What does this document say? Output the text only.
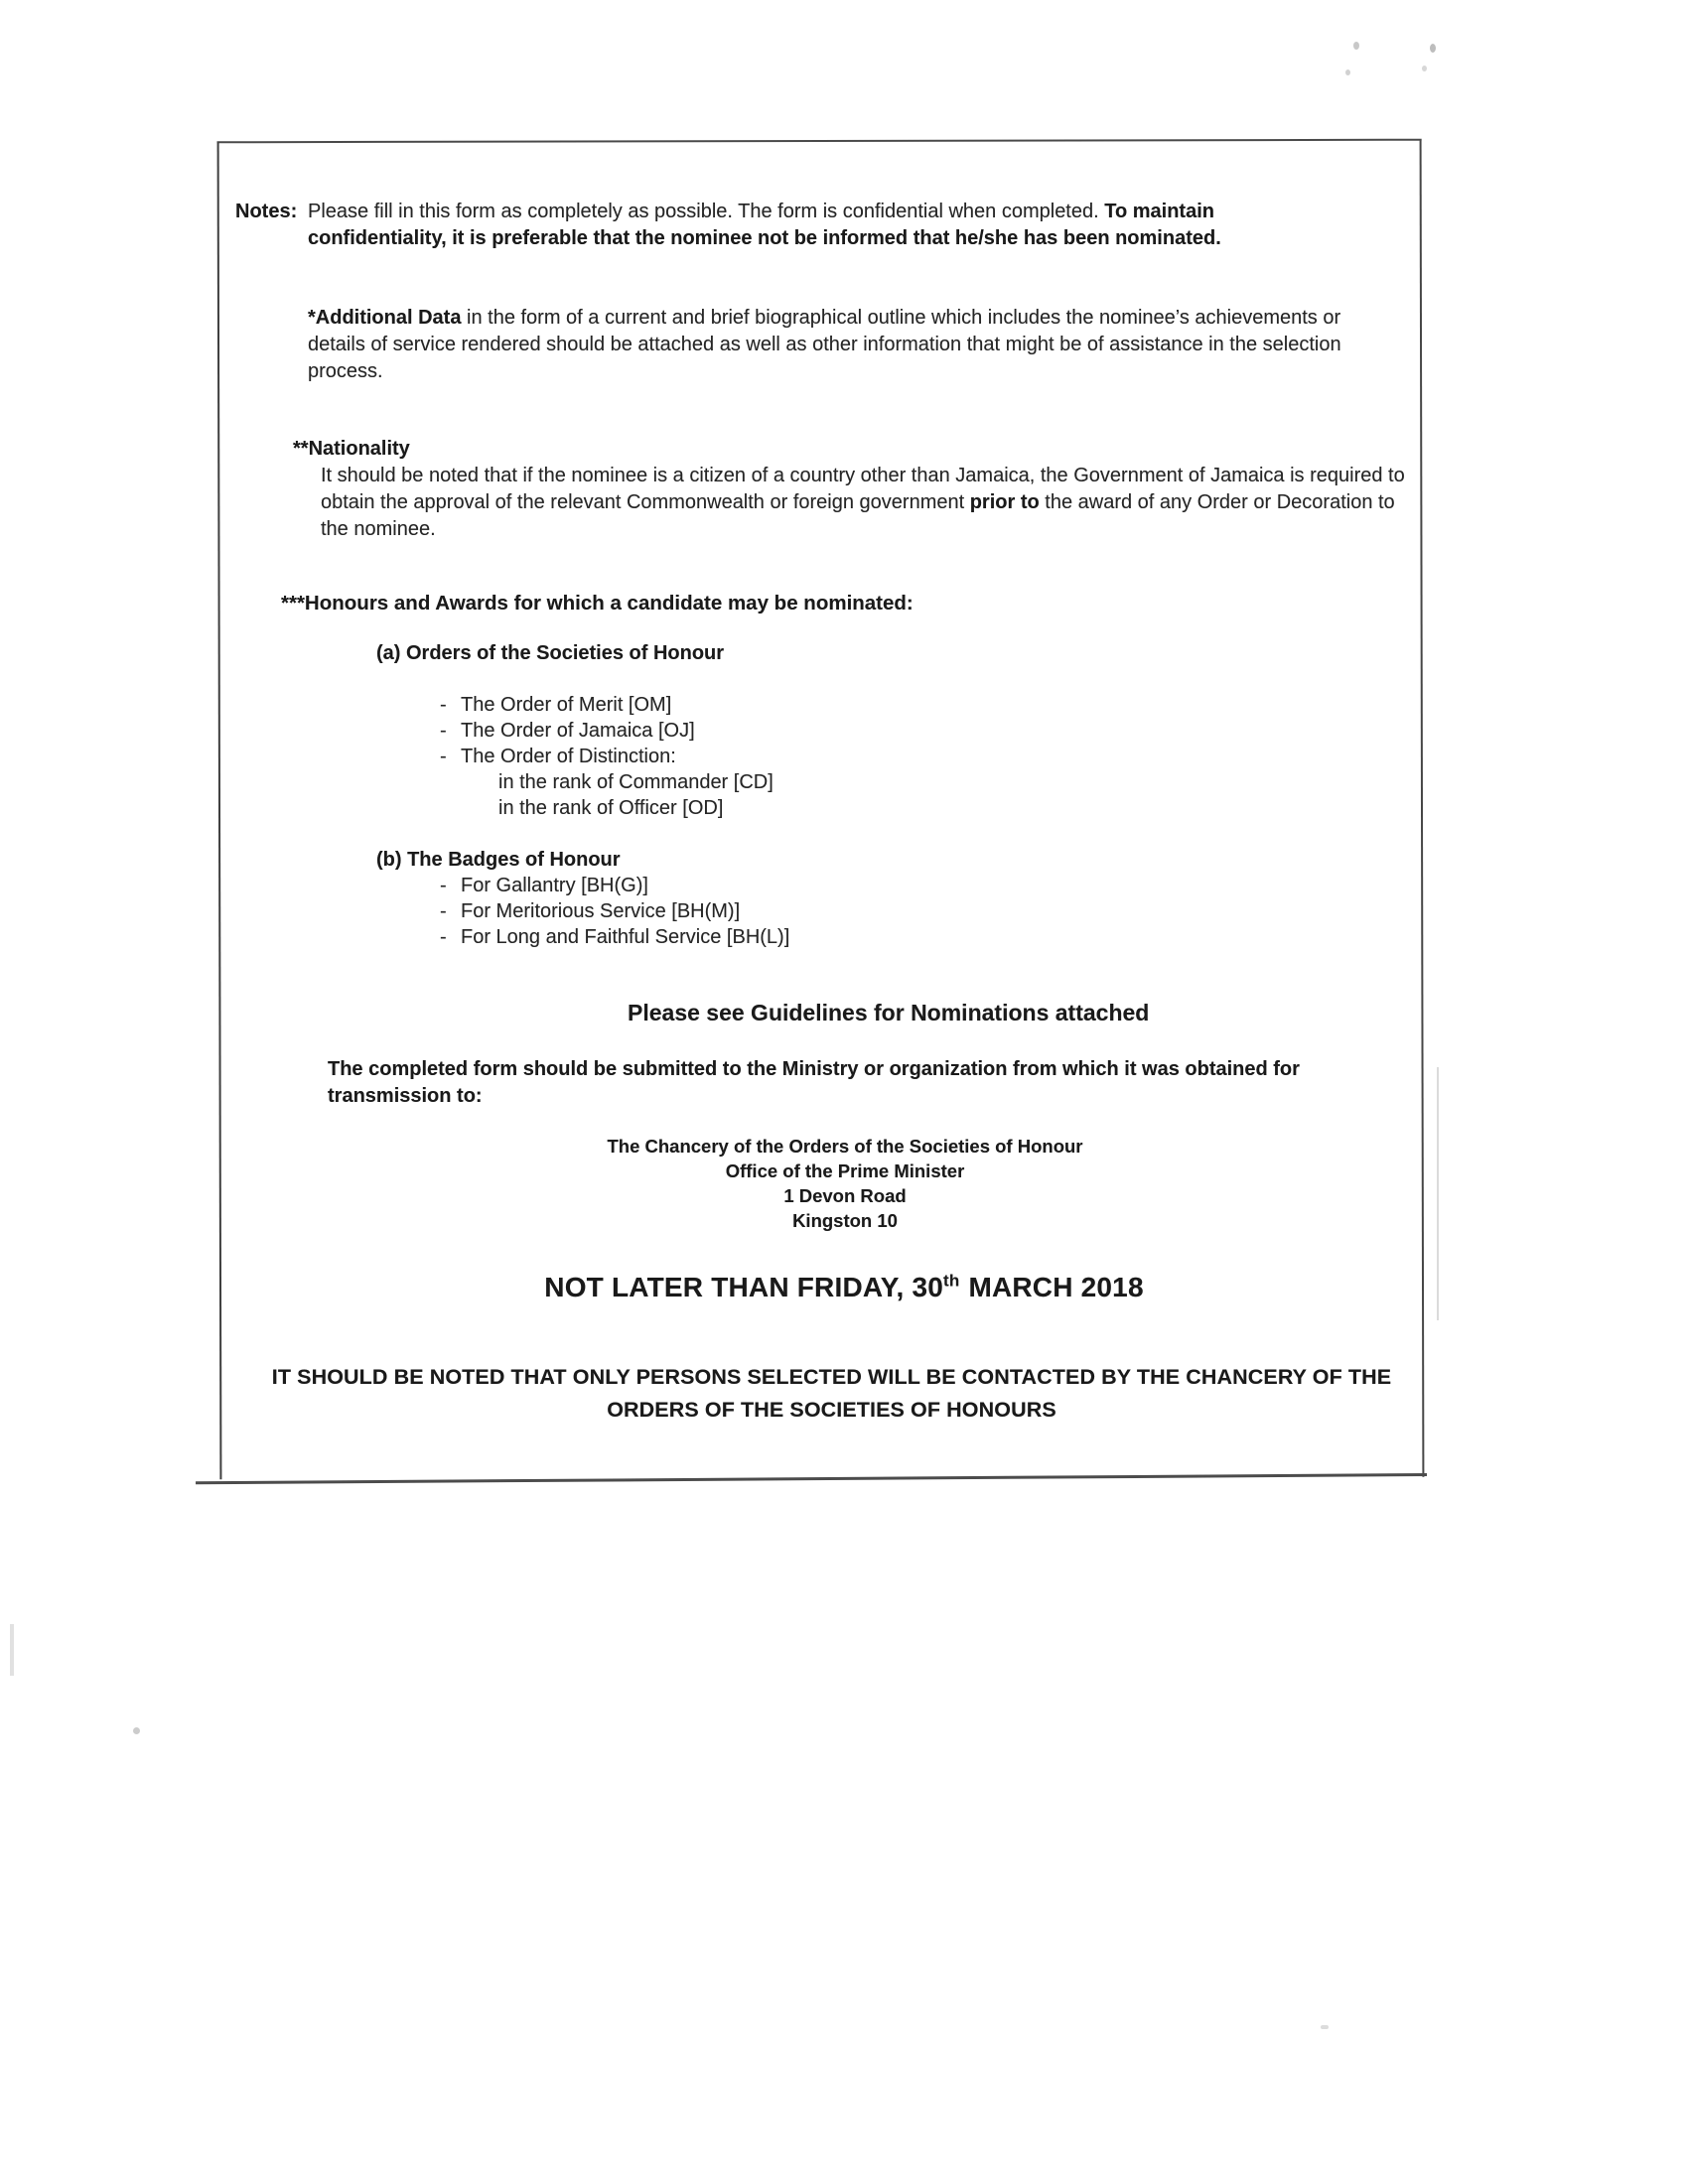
Notes: Please fill in this form as completely as possible. The form is confidential when completed. To maintain confidentiality, it is preferable that the nominee not be informed that he/she has been nominated.
*Additional Data in the form of a current and brief biographical outline which includes the nominee’s achievements or details of service rendered should be attached as well as other information that might be of assistance in the selection process.
**Nationality
It should be noted that if the nominee is a citizen of a country other than Jamaica, the Government of Jamaica is required to obtain the approval of the relevant Commonwealth or foreign government prior to the award of any Order or Decoration to the nominee.
***Honours and Awards for which a candidate may be nominated:
(a) Orders of the Societies of Honour
- The Order of Merit [OM]
- The Order of Jamaica [OJ]
- The Order of Distinction:
in the rank of Commander [CD]
in the rank of Officer [OD]
(b) The Badges of Honour
- For Gallantry [BH(G)]
- For Meritorious Service [BH(M)]
- For Long and Faithful Service [BH(L)]
Please see Guidelines for Nominations attached
The completed form should be submitted to the Ministry or organization from which it was obtained for transmission to:
The Chancery of the Orders of the Societies of Honour
Office of the Prime Minister
1 Devon Road
Kingston 10
NOT LATER THAN FRIDAY, 30th MARCH 2018
IT SHOULD BE NOTED THAT ONLY PERSONS SELECTED WILL BE CONTACTED BY THE CHANCERY OF THE ORDERS OF THE SOCIETIES OF HONOURS
